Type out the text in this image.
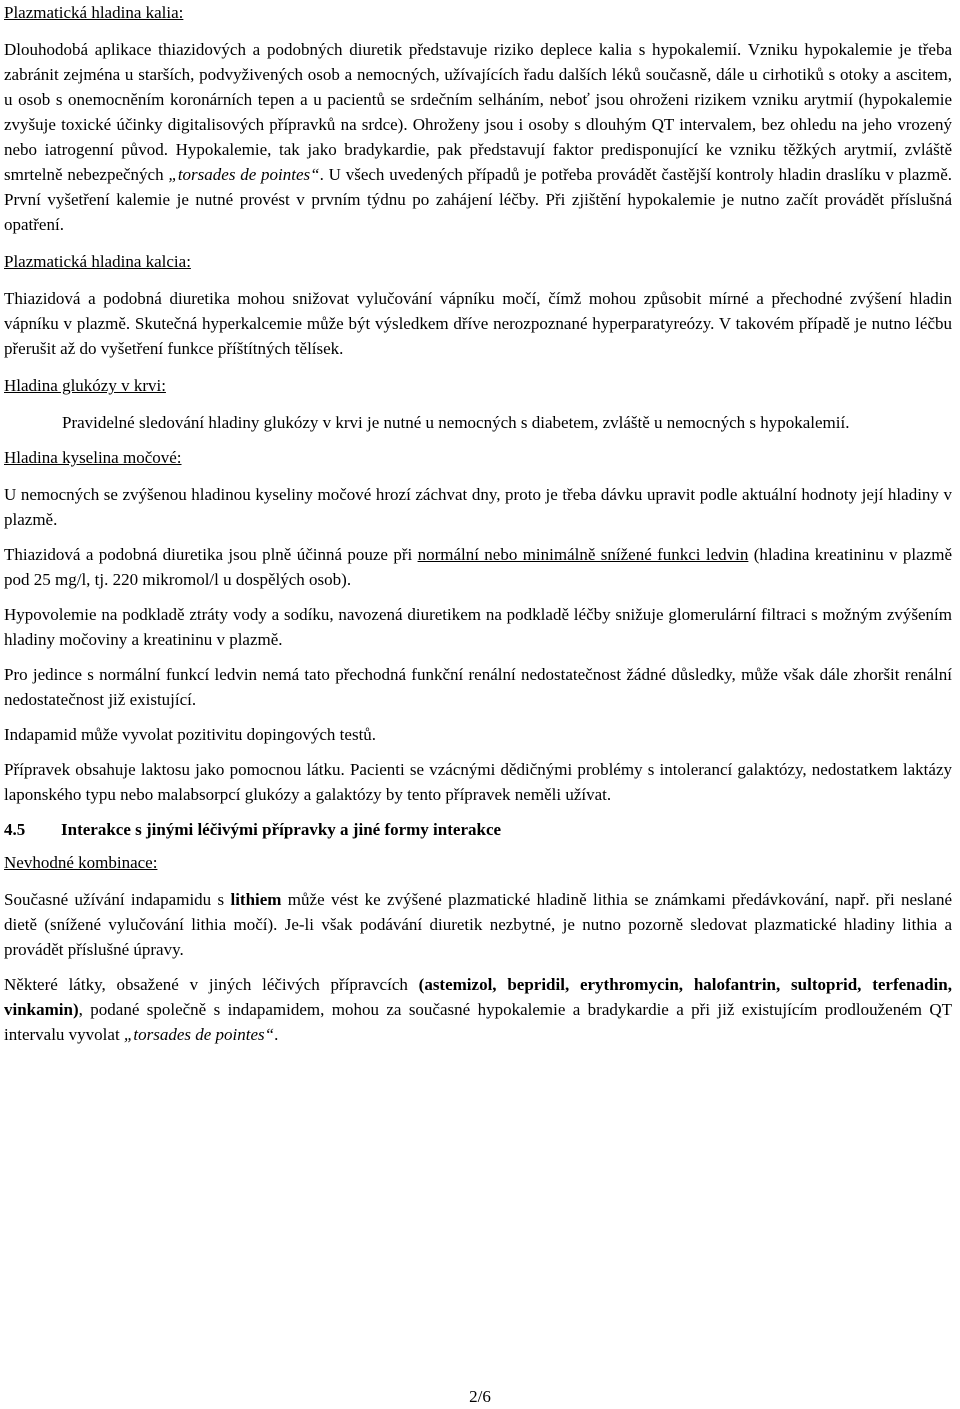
Plazmatická hladina kalia:

Dlouhodobá aplikace thiazidových a podobných diuretik představuje riziko deplece kalia s hypokalemií. Vzniku hypokalemie je třeba zabránit zejména u starších, podvyživených osob a nemocných, užívajících řadu dalších léků současně, dále u cirhotiků s otoky a ascitem, u osob s onemocněním koronárních tepen a u pacientů se srdečním selháním, neboť jsou ohroženi rizikem vzniku arytmií (hypokalemie zvyšuje toxické účinky digitalisových přípravků na srdce). Ohroženy jsou i osoby s dlouhým QT intervalem, bez ohledu na jeho vrozený nebo iatrogenní původ. Hypokalemie, tak jako bradykardie, pak představují faktor predisponující ke vzniku těžkých arytmií, zvláště smrtelně nebezpečných „torsades de pointes“. U všech uvedených případů je potřeba provádět častější kontroly hladin draslíku v plazmě. První vyšetření kalemie je nutné provést v prvním týdnu po zahájení léčby. Při zjištění hypokalemie je nutno začít provádět příslušná opatření.

Plazmatická hladina kalcia:

Thiazidová a podobná diuretika mohou snižovat vylučování vápníku močí, čímž mohou způsobit mírné a přechodné zvýšení hladin vápníku v plazmě. Skutečná hyperkalcemie může být výsledkem dříve nerozpoznané hyperparatyreózy. V takovém případě je nutno léčbu přerušit až do vyšetření funkce příštítných tělísek.

Hladina glukózy v krvi:

Pravidelné sledování hladiny glukózy v krvi je nutné u nemocných s diabetem, zvláště u nemocných s hypokalemií.

Hladina kyselina močové:

U nemocných se zvýšenou hladinou kyseliny močové hrozí záchvat dny, proto je třeba dávku upravit podle aktuální hodnoty její hladiny v plazmě.

Thiazidová a podobná diuretika jsou plně účinná pouze při normální nebo minimálně snížené funkci ledvin (hladina kreatininu v plazmě pod 25 mg/l, tj. 220 mikromol/l u dospělých osob).

Hypovolemie na podkladě ztráty vody a sodíku, navozená diuretikem na podkladě léčby snižuje glomerulární filtraci s možným zvýšením hladiny močoviny a kreatininu v plazmě.

Pro jedince s normální funkcí ledvin nemá tato přechodná funkční renální nedostatečnost žádné důsledky, může však dále zhoršit renální nedostatečnost již existující.

Indapamid může vyvolat pozitivitu dopingových testů.

Přípravek obsahuje laktosu jako pomocnou látku. Pacienti se vzácnými dědičnými problémy s intolerancí galaktózy, nedostatkem laktázy laponského typu nebo malabsorpcí glukózy a galaktózy by tento přípravek neměli užívat.

4.5 Interakce s jinými léčivými přípravky a jiné formy interakce

Nevhodné kombinace:

Současné užívání indapamidu s lithiem může vést ke zvýšené plazmatické hladině lithia se známkami předávkování, např. při neslané dietě (snížené vylučování lithia močí). Je-li však podávání diuretik nezbytné, je nutno pozorně sledovat plazmatické hladiny lithia a provádět příslušné úpravy.

Některé látky, obsažené v jiných léčivých přípravcích (astemizol, bepridil, erythromycin, halofantrin, sultoprid, terfenadin, vinkamin), podané společně s indapamidem, mohou za současné hypokalemie a bradykardie a při již existujícím prodlouženém QT intervalu vyvolat „torsades de pointes“.

2/6
